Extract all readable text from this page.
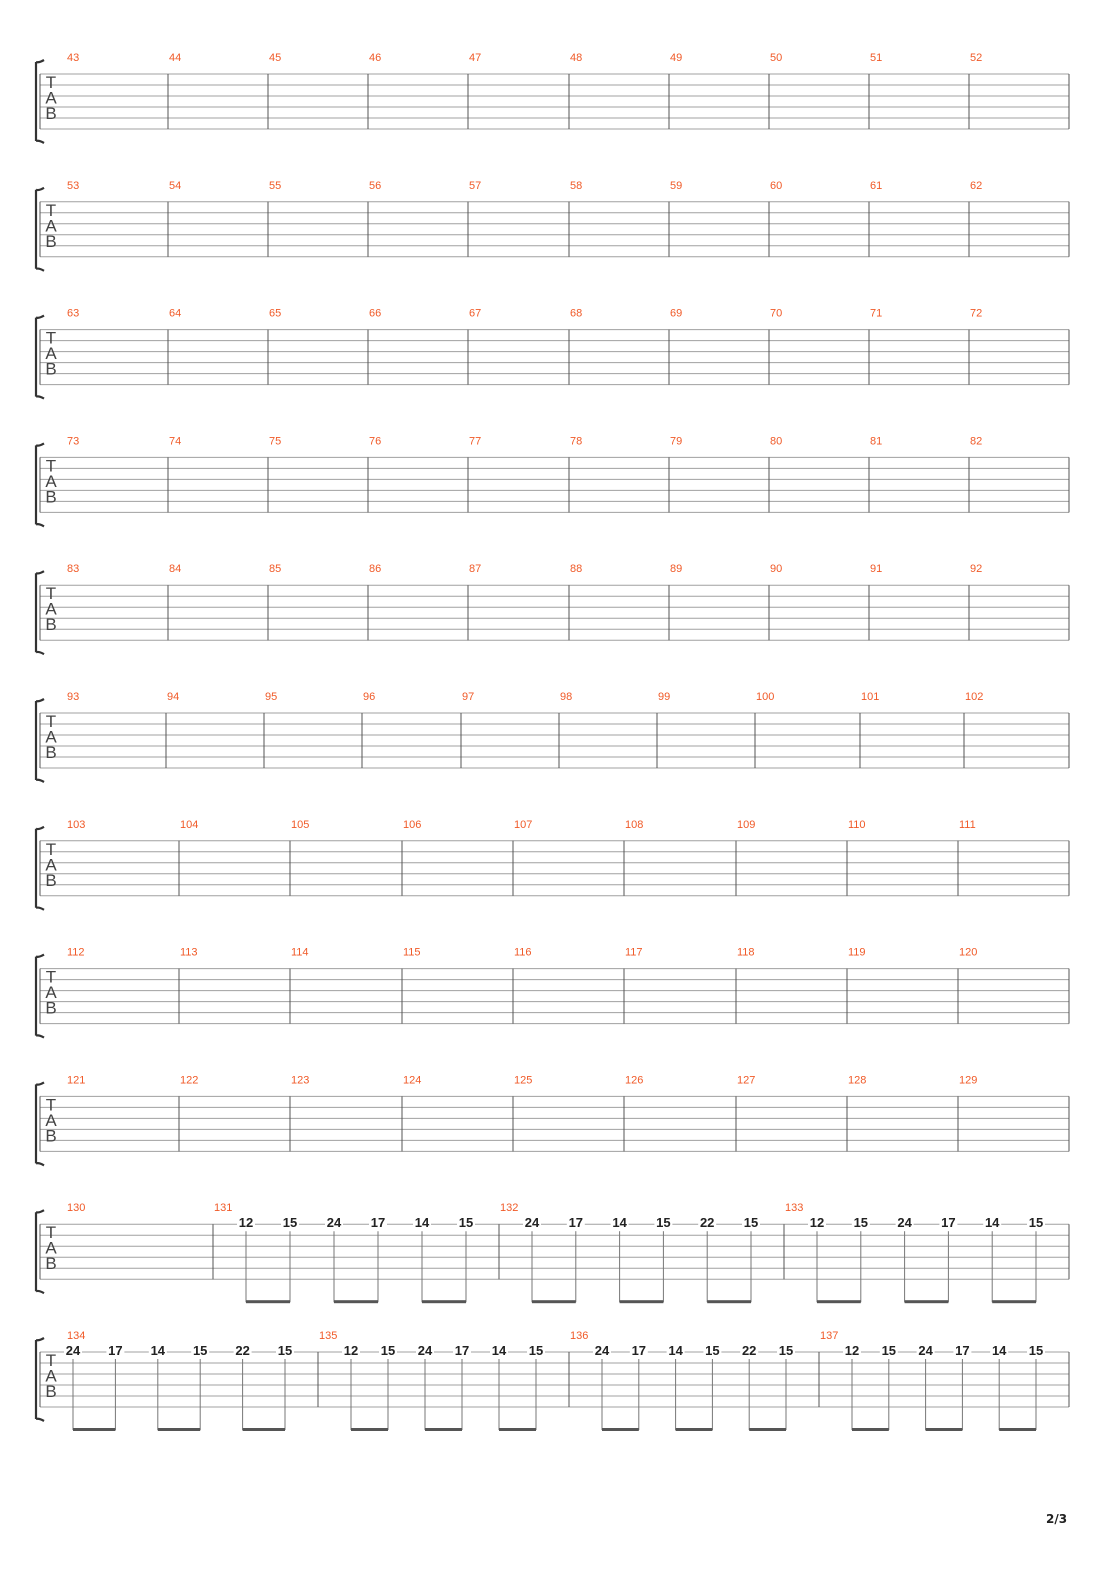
T
A
B
43	44	45	46	47	48	49	50	51	52
T
A
B
53	54	55	56	57	58	59	60	61	62
T
A
B
63	64	65	66	67	68	69	70	71	72
T
A
B
73	74	75	76	77	78	79	80	81	82
T
A
B
83	84	85	86	87	88	89	90	91	92
T
A
B
93	94	95	96	97	98	99	100	101	102
T
A
B
103	104	105	106	107	108	109	110	111
T
A
B
112	113	114	115	116	117	118	119	120
T
A
B
121	122	123	124	125	126	127	128	129
T
A
B
130	131
12 15 24 17 14 15
132
24 17 14 15 22 15
133
12 15 24 17 14 15
T
A
B
134
24 17 14 15 22 15
135
12 15 24 17 14 15
136
24 17 14 15 22 15
137
12 15 24 17 14 15
2/3
